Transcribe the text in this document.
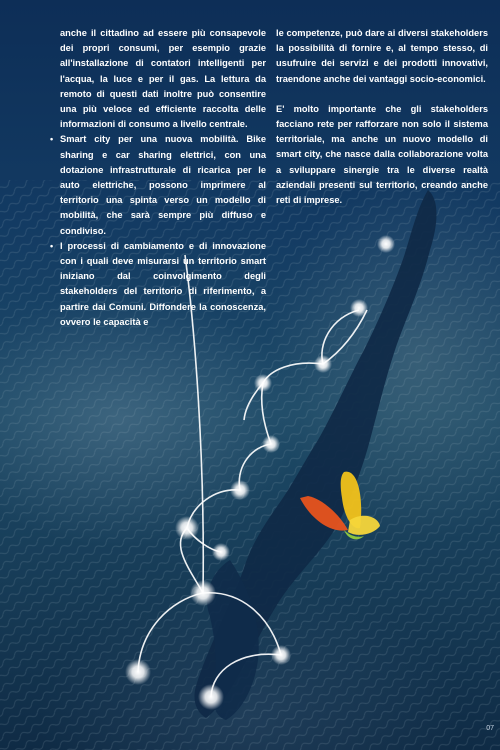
anche il cittadino ad essere più consapevole dei propri consumi, per esempio grazie all'installazione di contatori intelligenti per l'acqua, la luce e per il gas. La lettura da remoto di questi dati inoltre può consentire una più veloce ed efficiente raccolta delle informazioni di consumo a livello centrale.

• Smart city per una nuova mobilità. Bike sharing e car sharing elettrici, con una dotazione infrastrutturale di ricarica per le auto elettriche, possono imprimere al territorio una spinta verso un modello di mobilità, che sarà sempre più diffuso e condiviso.
• I processi di cambiamento e di innovazione con i quali deve misurarsi un territorio smart iniziano dal coinvolgimento degli stakeholders del territorio di riferimento, a partire dai Comuni. Diffondere la conoscenza, ovvero le capacità e

le competenze, può dare ai diversi stakeholders la possibilità di fornire e, al tempo stesso, di usufruire dei servizi e dei prodotti innovativi, traendone anche dei vantaggi socio-economici.

E' molto importante che gli stakeholders facciano rete per rafforzare non solo il sistema territoriale, ma anche un nuovo modello di smart city, che nasce dalla collaborazione volta a sviluppare sinergie tra le diverse realtà aziendali presenti sul territorio, creando anche reti di imprese.

07
